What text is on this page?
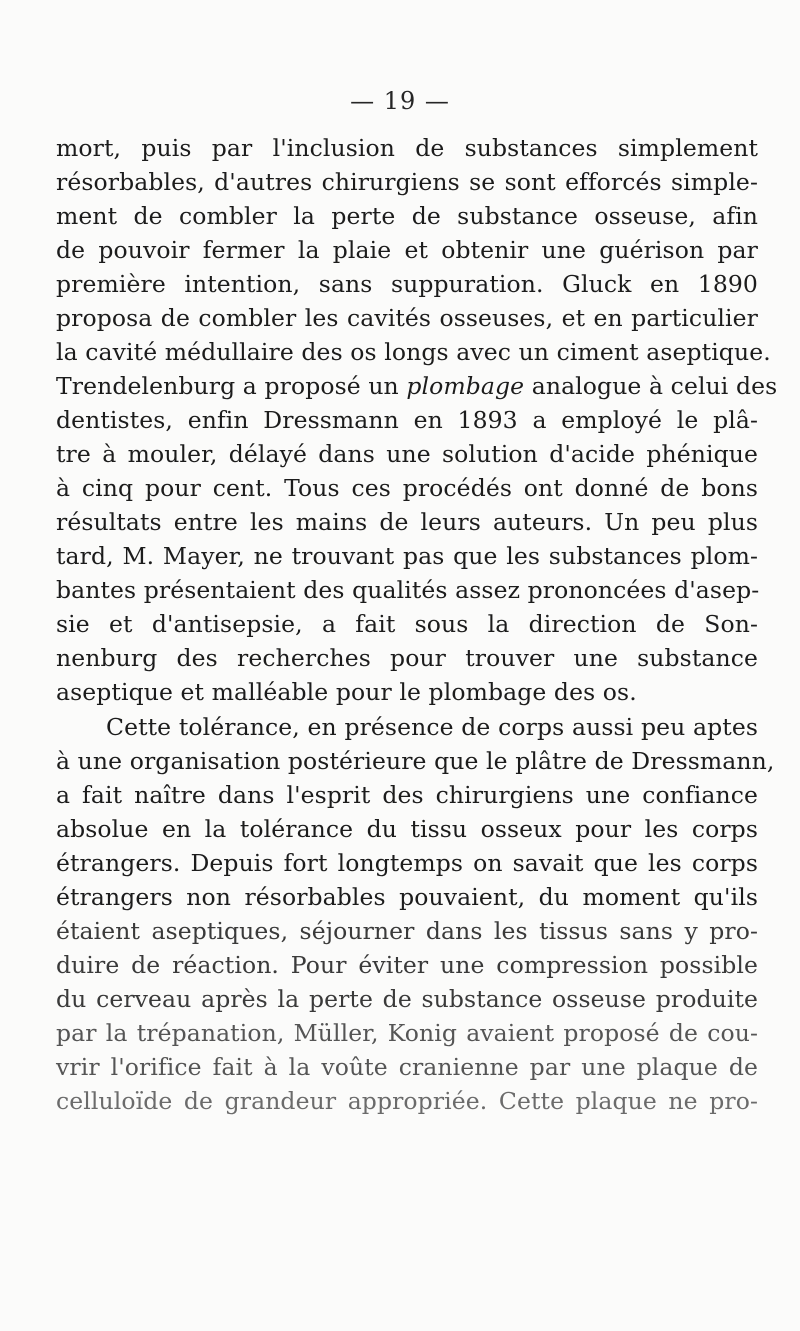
— 19 —
mort, puis par l'inclusion de substances simplement
résorbables, d'autres chirurgiens se sont efforcés simple-
ment de combler la perte de substance osseuse, afin
de pouvoir fermer la plaie et obtenir une guérison par
première intention, sans suppuration. Gluck en 1890
proposa de combler les cavités osseuses, et en particulier
la cavité médullaire des os longs avec un ciment aseptique.
Trendelenburg a proposé un plombage analogue à celui des
dentistes, enfin Dressmann en 1893 a employé le plâ-
tre à mouler, délayé dans une solution d'acide phénique
à cinq pour cent. Tous ces procédés ont donné de bons
résultats entre les mains de leurs auteurs. Un peu plus
tard, M. Mayer, ne trouvant pas que les substances plom-
bantes présentaient des qualités assez prononcées d'asep-
sie et d'antisepsie, a fait sous la direction de Son-
nenburg des recherches pour trouver une substance
aseptique et malléable pour le plombage des os.
Cette tolérance, en présence de corps aussi peu aptes
à une organisation postérieure que le plâtre de Dressmann,
a fait naître dans l'esprit des chirurgiens une confiance
absolue en la tolérance du tissu osseux pour les corps
étrangers. Depuis fort longtemps on savait que les corps
étrangers non résorbables pouvaient, du moment qu'ils
étaient aseptiques, séjourner dans les tissus sans y pro-
duire de réaction. Pour éviter une compression possible
du cerveau après la perte de substance osseuse produite
par la trépanation, Müller, Konig avaient proposé de cou-
vrir l'orifice fait à la voûte cranienne par une plaque de
celluloïde de grandeur appropriée. Cette plaque ne pro-
